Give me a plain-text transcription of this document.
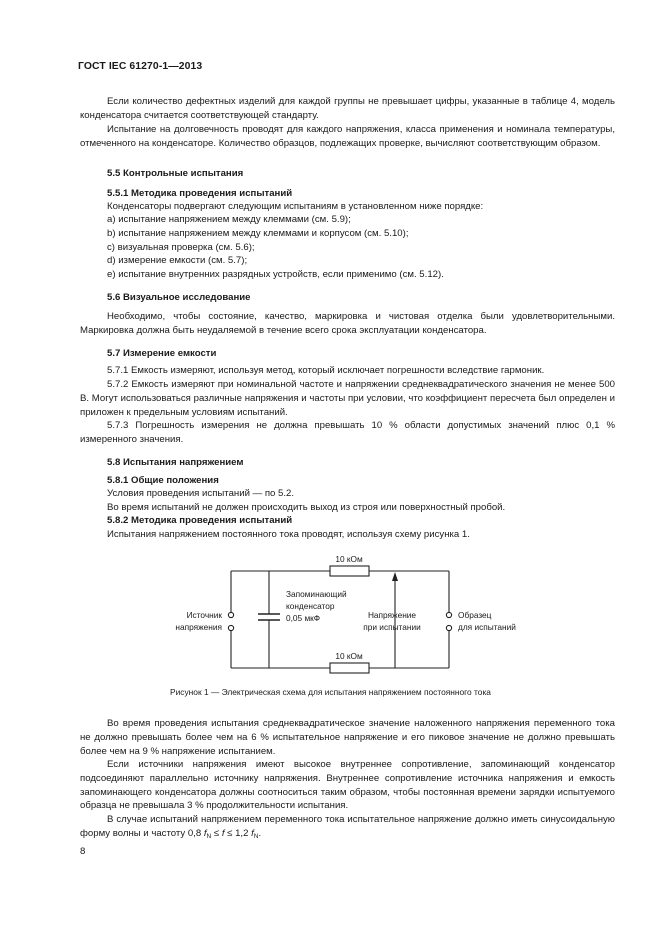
ГОСТ IEC 61270-1—2013
Если количество дефектных изделий для каждой группы не превышает цифры, указанные в таблице 4, модель конденсатора считается соответствующей стандарту.
Испытание на долговечность проводят для каждого напряжения, класса применения и номинала температуры, отмеченного на конденсаторе. Количество образцов, подлежащих проверке, вычисляют соответствующим образом.
5.5 Контрольные испытания
5.5.1 Методика проведения испытаний
Конденсаторы подвергают следующим испытаниям в установленном ниже порядке:
a) испытание напряжением между клеммами (см. 5.9);
b) испытание напряжением между клеммами и корпусом (см. 5.10);
c) визуальная проверка (см. 5.6);
d) измерение емкости (см. 5.7);
e) испытание внутренних разрядных устройств, если применимо (см. 5.12).
5.6 Визуальное исследование
Необходимо, чтобы состояние, качество, маркировка и чистовая отделка были удовлетворительными. Маркировка должна быть неудаляемой в течение всего срока эксплуатации конденсатора.
5.7 Измерение емкости
5.7.1 Емкость измеряют, используя метод, который исключает погрешности вследствие гармоник.
5.7.2 Емкость измеряют при номинальной частоте и напряжении среднеквадратического значения не менее 500 В. Могут использоваться различные напряжения и частоты при условии, что коэффициент пересчета был определен и приложен к предельным условиям испытаний.
5.7.3 Погрешность измерения не должна превышать 10 % области допустимых значений плюс 0,1 % измеренного значения.
5.8 Испытания напряжением
5.8.1 Общие положения
Условия проведения испытаний — по 5.2.
Во время испытаний не должен происходить выход из строя или поверхностный пробой.
5.8.2 Методика проведения испытаний
Испытания напряжением постоянного тока проводят, используя схему рисунка 1.
10 кОм
10 кОм
Источник
напряжения
Запоминающий
конденсатор
0,05 мкФ	Напряжение
при испытании
Образец
для испытаний
Рисунок 1 — Электрическая схема для испытания напряжением постоянного тока
Во время проведения испытания среднеквадратическое значение наложенного напряжения переменного тока не должно превышать более чем на 6 % испытательное напряжение и его пиковое значение не должно превышать более чем на 9 % напряжение испытанием.
Если источники напряжения имеют высокое внутреннее сопротивление, запоминающий конденсатор подсоединяют параллельно источнику напряжения. Внутреннее сопротивление источника напряжения и емкость запоминающего конденсатора должны соотноситься таким образом, чтобы постоянная времени зарядки испытуемого образца не превышала 3 % продолжительности испытания.
В случае испытаний напряжением переменного тока испытательное напряжение должно иметь синусоидальную форму волны и частоту 0,8 $f_N \le f \le 1,2$ $f_N$.
8
